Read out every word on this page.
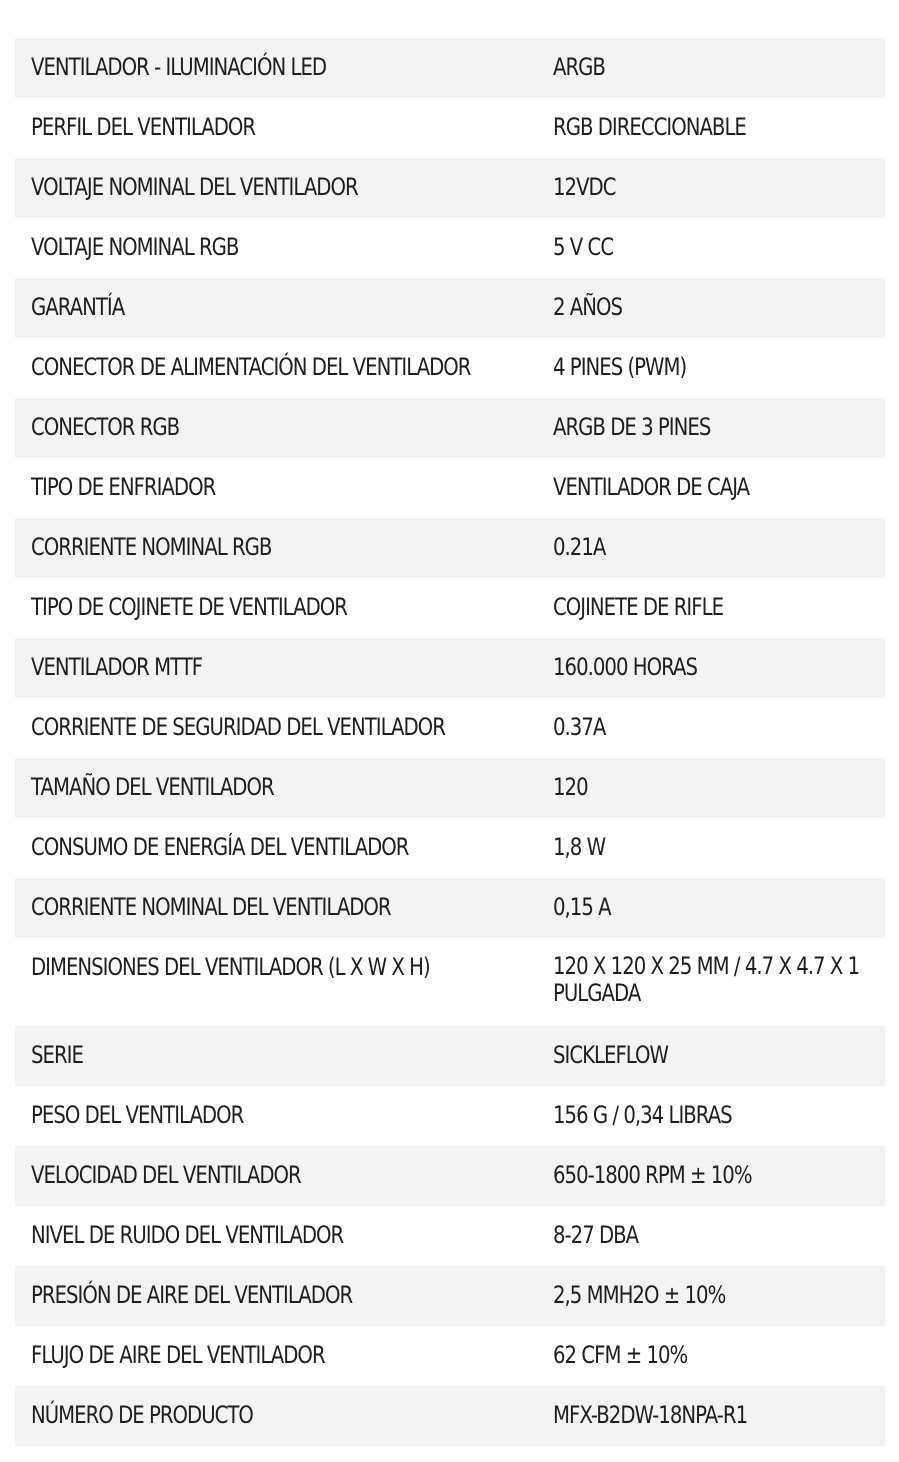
VENTILADOR - ILUMINACIÓN LED	ARGB
PERFIL DEL VENTILADOR	RGB DIRECCIONABLE
VOLTAJE NOMINAL DEL VENTILADOR	12VDC
VOLTAJE NOMINAL RGB	5 V CC
GARANTÍA	2 AÑOS
CONECTOR DE ALIMENTACIÓN DEL VENTILADOR	4 PINES (PWM)
CONECTOR RGB	ARGB DE 3 PINES
TIPO DE ENFRIADOR	VENTILADOR DE CAJA
CORRIENTE NOMINAL RGB	0.21A
TIPO DE COJINETE DE VENTILADOR	COJINETE DE RIFLE
VENTILADOR MTTF	160.000 HORAS
CORRIENTE DE SEGURIDAD DEL VENTILADOR	0.37A
TAMAÑO DEL VENTILADOR	120
CONSUMO DE ENERGÍA DEL VENTILADOR	1,8 W
CORRIENTE NOMINAL DEL VENTILADOR	0,15 A
DIMENSIONES DEL VENTILADOR (L X W X H)	120 X 120 X 25 MM / 4.7 X 4.7 X 1 PULGADA
SERIE	SICKLEFLOW
PESO DEL VENTILADOR	156 G / 0,34 LIBRAS
VELOCIDAD DEL VENTILADOR	650-1800 RPM ± 10%
NIVEL DE RUIDO DEL VENTILADOR	8-27 DBA
PRESIÓN DE AIRE DEL VENTILADOR	2,5 MMH2O ± 10%
FLUJO DE AIRE DEL VENTILADOR	62 CFM ± 10%
NÚMERO DE PRODUCTO	MFX-B2DW-18NPA-R1
